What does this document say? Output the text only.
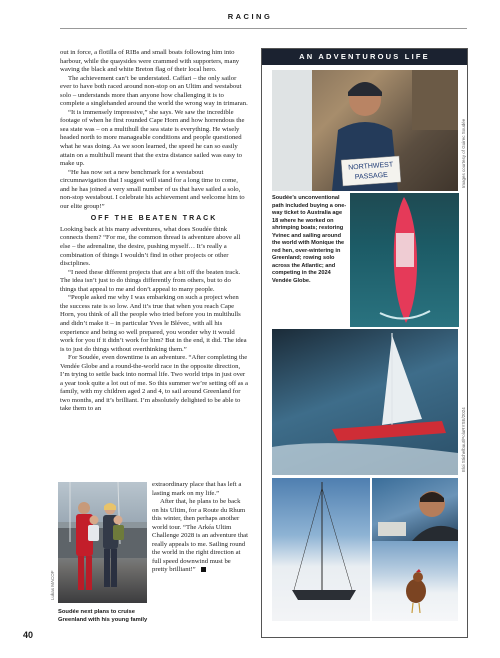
RACING

out in force, a flotilla of RIBs and small boats following him into harbour, while the quaysides were crammed with supporters, many waving the black and white Breton flag of their local hero.

The achievement can’t be understated. Caffari – the only sailor ever to have both raced around non-stop on an Ultim and westabout solo – understands more than anyone how challenging it is to complete a singlehanded around the world the wrong way in trimaran.

“It is immensely impressive,” she says. We saw the incredible footage of when he first rounded Cape Horn and how horrendous the sea state was – on a multihull the sea state is everything. He wisely headed north to more manageable conditions and people questioned what he was doing. As we soon learned, the speed he can so easily attain on a multihull meant that the extra distance sailed was easy to make up.

“He has now set a new benchmark for a westabout circumnavigation that I suggest will stand for a long time to come, and he has joined a very small number of us that have sailed a solo, non-stop westabout. I celebrate his achievement and welcome him to our elite group!”

OFF THE BEATEN TRACK

Looking back at his many adventures, what does Soudée think connects them? “For me, the common thread is adventure above all else – the adrenaline, the desire, pushing myself… It’s really a combination of things I wouldn’t find in other projects or other disciplines.

“I need these different projects that are a bit off the beaten track. The idea isn’t just to do things differently from others, but to do things that appeal to me and don’t appeal to many people.

“People asked me why I was embarking on such a project when the success rate is so low. And it’s true that when you reach Cape Horn, you think of all the people who tried before you in multihulls and didn’t make it – in particular Yves le Blévec, with all his experience and being so well prepared, you wonder why it would work for you if it didn’t work for him? But in the end, it did. The idea is to just do things without overthinking them.”

For Soudée, even downtime is an adventure. “After completing the Vendée Globe and a round-the-world race in the opposite direction, I’m trying to settle back into normal life. Two world trips in just over a year took quite a lot out of me. So this summer we’re setting off as a family, with my children aged 2 and 4, to sail around Greenland for two months, and it’s brilliant. I’m absolutely delighted to be able to take them to an

Lukas MACOF
Soudée next plans to cruise Greenland with his young family

extraordinary place that has left a lasting mark on my life.”

After that, he plans to be back on his Ultim, for a Route du Rhum this winter, then perhaps another world tour. “The Arkéa Ultim Challenge 2028 is an adventure that really appeals to me. Sailing round the world in the right direction at full speed downwind must be pretty brilliant!”

AN ADVENTUROUS LIFE
NORTHWEST
PASSAGE	Images courtesy of Guirec Soudée
Soudée’s unconventional path included buying a one-way ticket to Australia age 18 where he worked on shrimping boats; restoring Yvinec and sailing around the world with Monique the red hen, over-wintering in Greenland; rowing solo across the Atlantic; and competing in the 2024 Vendée Globe.
Eloi Stichelbaut/PolaRYSE/2024
40
